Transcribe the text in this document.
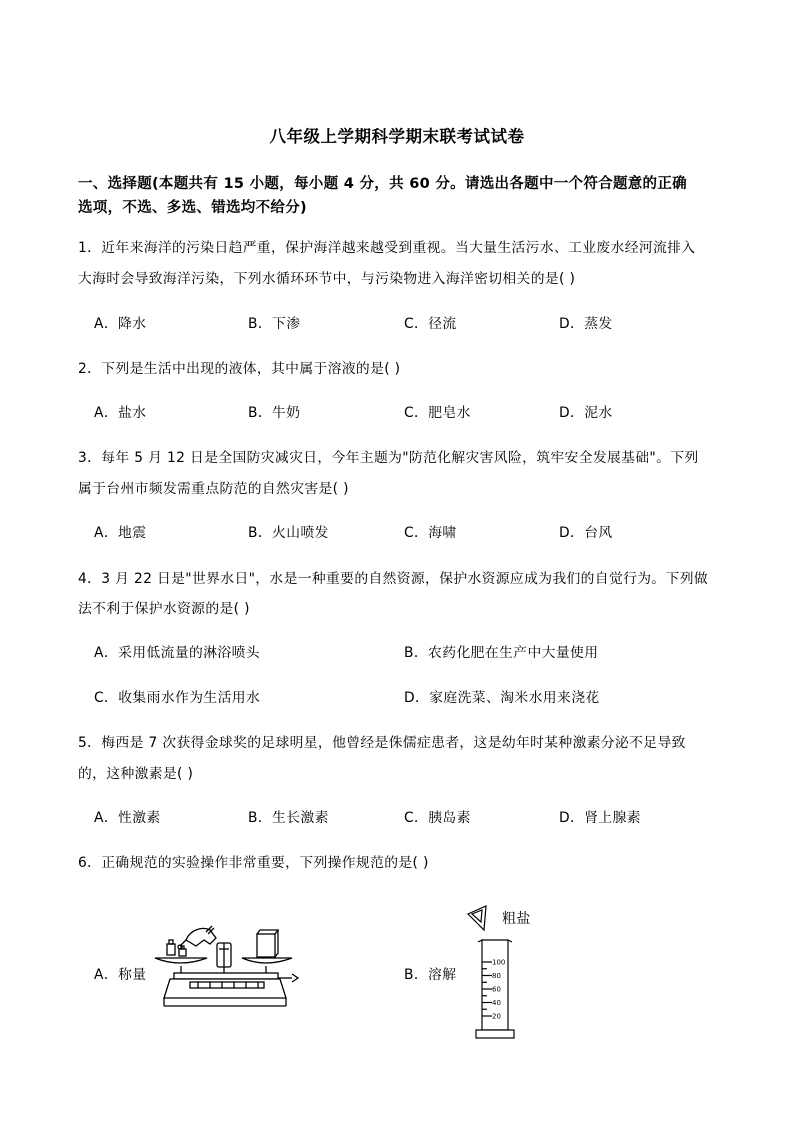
八年级上学期科学期末联考试试卷
一、选择题(本题共有 15 小题，每小题 4 分，共 60 分。请选出各题中一个符合题意的正确
选项，不选、多选、错选均不给分)
1．近年来海洋的污染日趋严重，保护海洋越来越受到重视。当大量生活污水、工业废水经河流排入
大海时会导致海洋污染，下列水循环环节中，与污染物进入海洋密切相关的是( )
A．降水	B．下渗	C．径流	D．蒸发
2．下列是生活中出现的液体，其中属于溶液的是( )
A．盐水	B．牛奶	C．肥皂水	D．泥水
3．每年 5 月 12 日是全国防灾减灾日，今年主题为"防范化解灾害风险，筑牢安全发展基础"。下列
属于台州市频发需重点防范的自然灾害是( )
A．地震	B．火山喷发	C．海啸	D．台风
4．3 月 22 日是"世界水日"，水是一种重要的自然资源，保护水资源应成为我们的自觉行为。下列做
法不利于保护水资源的是( )
A．采用低流量的淋浴喷头	B．农药化肥在生产中大量使用
C．收集雨水作为生活用水	D．家庭洗菜、淘米水用来浇花
5．梅西是 7 次获得金球奖的足球明星，他曾经是侏儒症患者，这是幼年时某种激素分泌不足导致
的，这种激素是( )
A．性激素	B．生长激素	C．胰岛素	D．肾上腺素
6．正确规范的实验操作非常重要，下列操作规范的是( )
A．称量	B．溶解
100
80
60
40
20
粗盐
